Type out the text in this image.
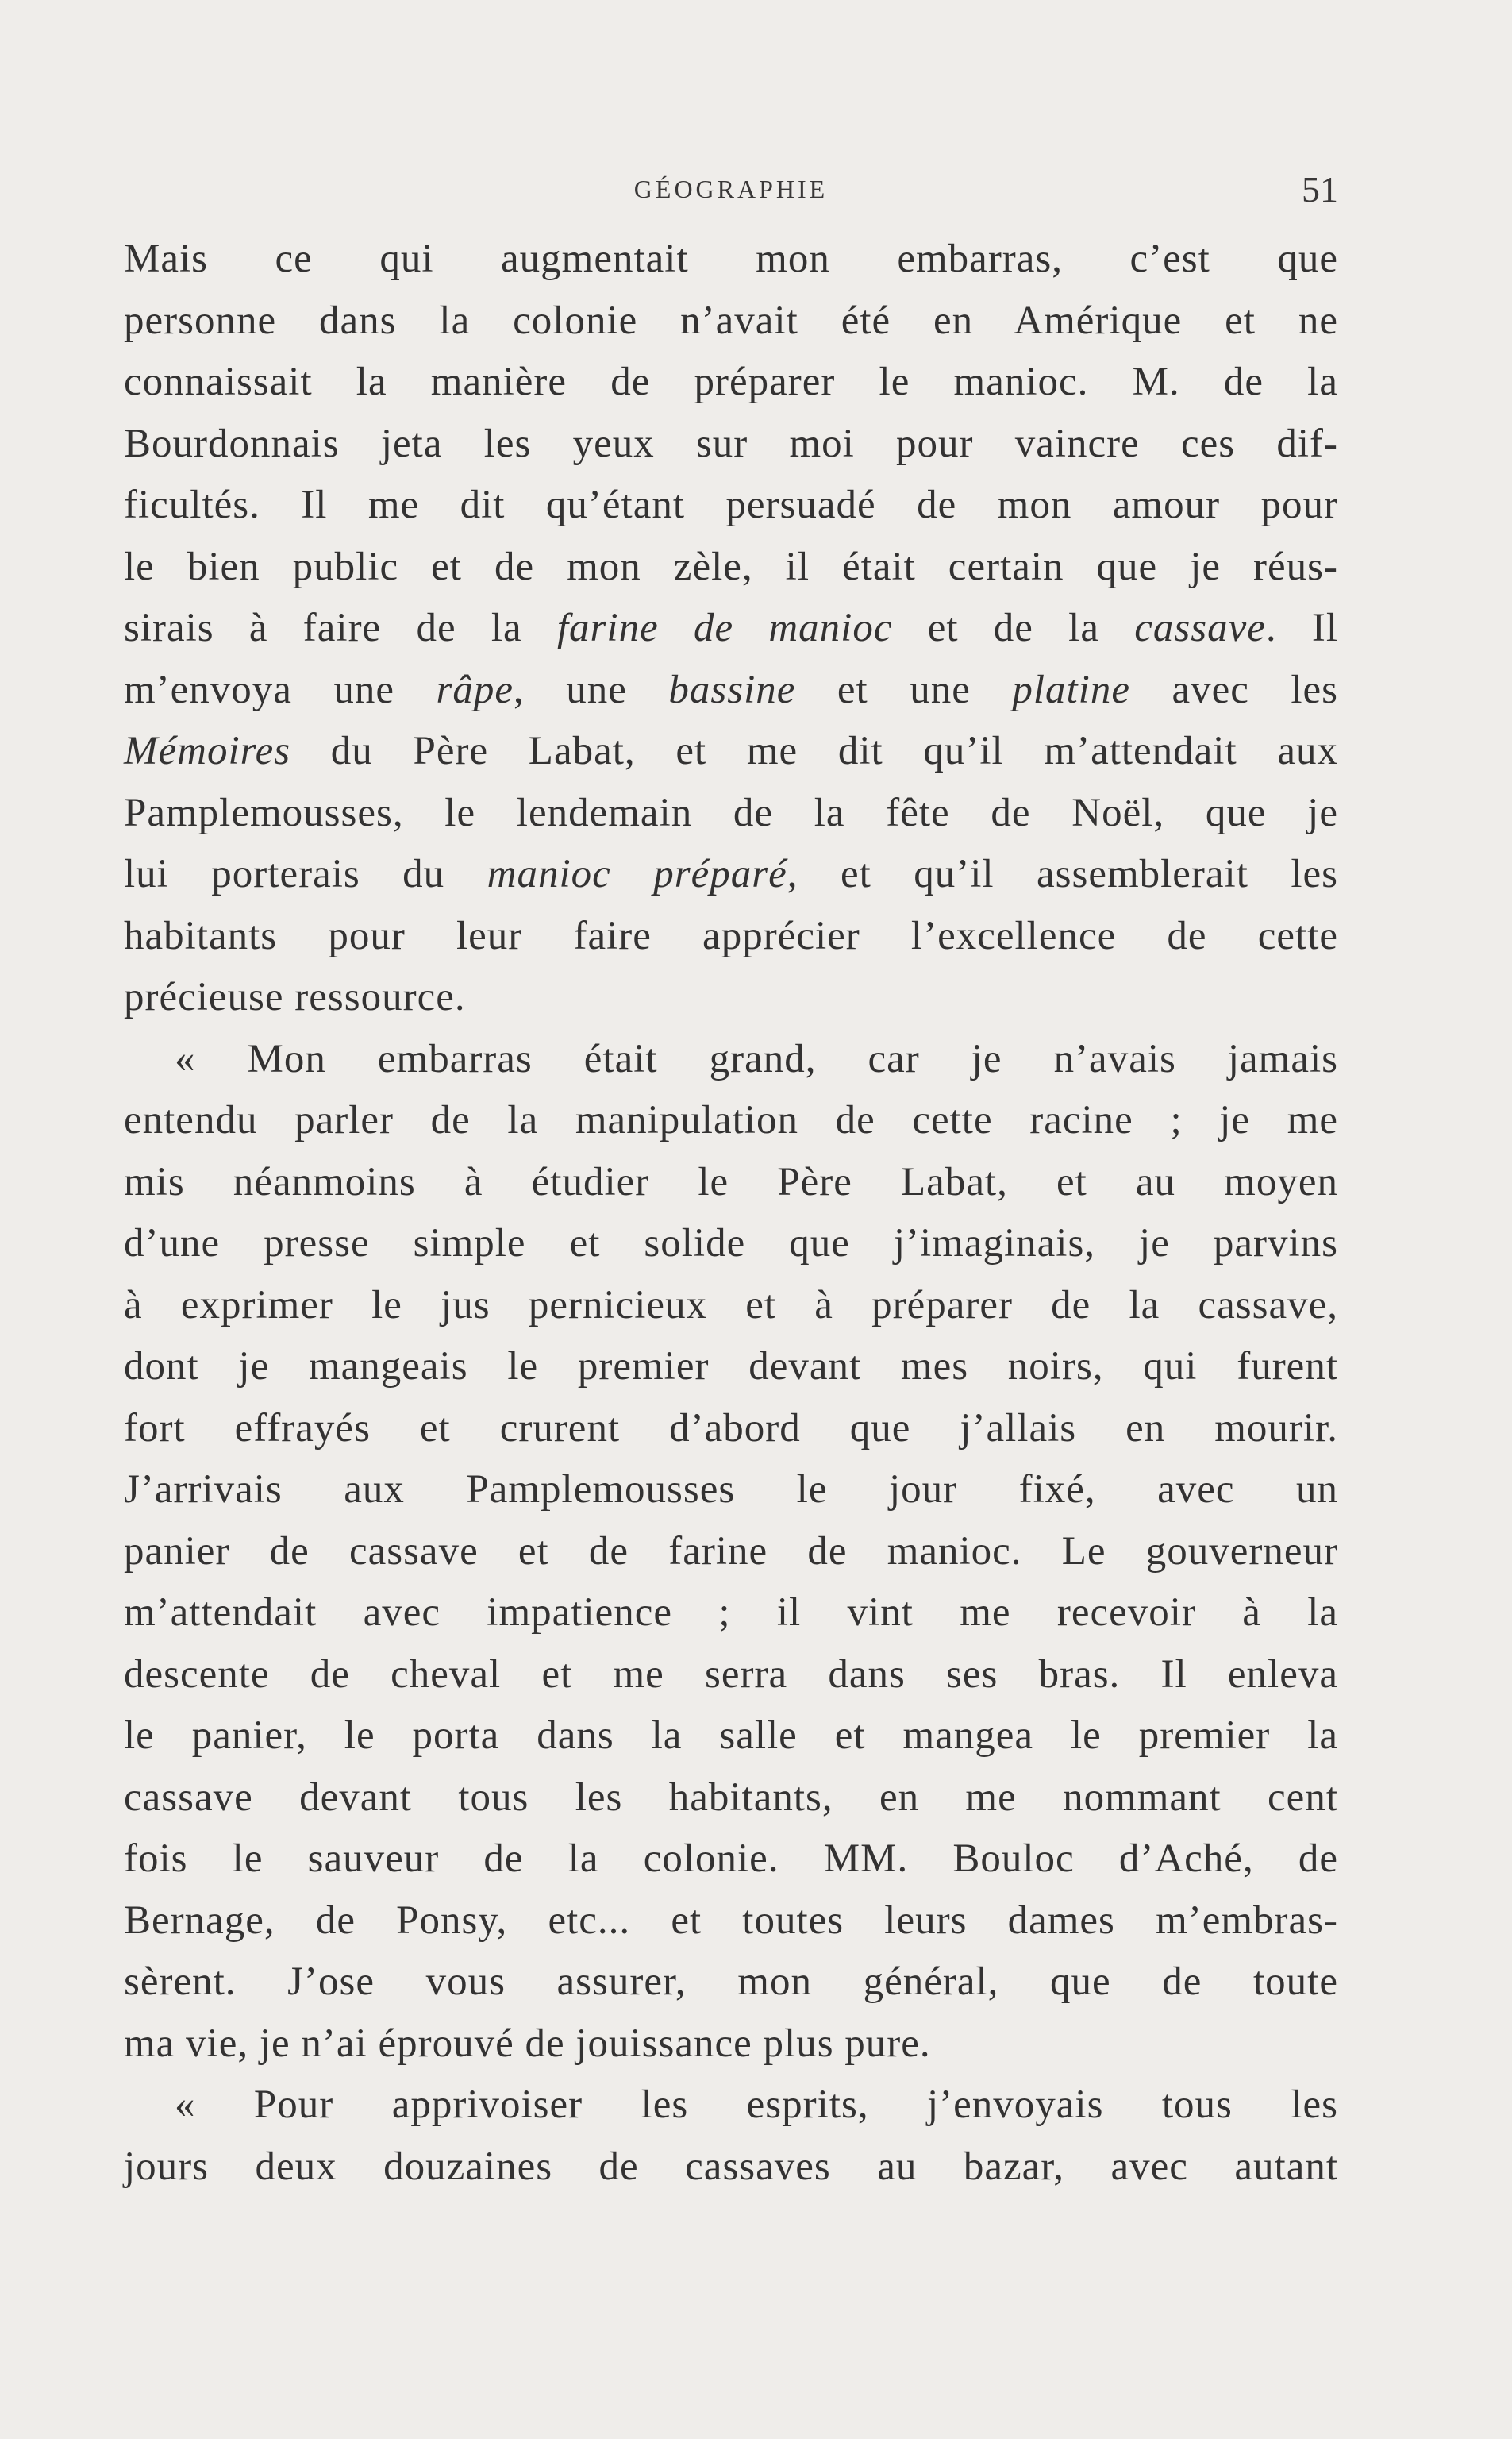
GÉOGRAPHIE	51
Mais ce qui augmentait mon embarras, c’est que
personne dans la colonie n’avait été en Amérique et ne
connaissait la manière de préparer le manioc. M. de la
Bourdonnais jeta les yeux sur moi pour vaincre ces dif-
ficultés. Il me dit qu’étant persuadé de mon amour pour
le bien public et de mon zèle, il était certain que je réus-
sirais à faire de la farine de manioc et de la cassave. Il
m’envoya une râpe, une bassine et une platine avec les
Mémoires du Père Labat, et me dit qu’il m’attendait aux
Pamplemousses, le lendemain de la fête de Noël, que je
lui porterais du manioc préparé, et qu’il assemblerait les
habitants pour leur faire apprécier l’excellence de cette
précieuse ressource.
« Mon embarras était grand, car je n’avais jamais
entendu parler de la manipulation de cette racine ; je me
mis néanmoins à étudier le Père Labat, et au moyen
d’une presse simple et solide que j’imaginais, je parvins
à exprimer le jus pernicieux et à préparer de la cassave,
dont je mangeais le premier devant mes noirs, qui furent
fort effrayés et crurent d’abord que j’allais en mourir.
J’arrivais aux Pamplemousses le jour fixé, avec un
panier de cassave et de farine de manioc. Le gouverneur
m’attendait avec impatience ; il vint me recevoir à la
descente de cheval et me serra dans ses bras. Il enleva
le panier, le porta dans la salle et mangea le premier la
cassave devant tous les habitants, en me nommant cent
fois le sauveur de la colonie. MM. Bouloc d’Aché, de
Bernage, de Ponsy, etc... et toutes leurs dames m’embras-
sèrent. J’ose vous assurer, mon général, que de toute
ma vie, je n’ai éprouvé de jouissance plus pure.
« Pour apprivoiser les esprits, j’envoyais tous les
jours deux douzaines de cassaves au bazar, avec autant
